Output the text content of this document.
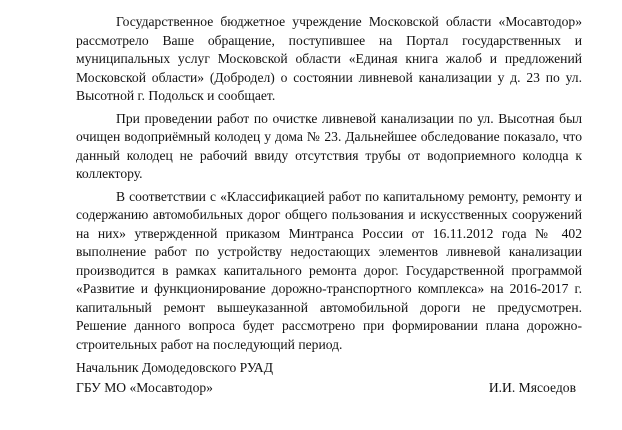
Государственное бюджетное учреждение Московской области «Мосавтодор» рассмотрело Ваше обращение, поступившее на Портал государственных и муниципальных услуг Московской области «Единая книга жалоб и предложений Московской области» (Добродел) о состоянии ливневой канализации у д. 23 по ул. Высотной г. Подольск и сообщает.

При проведении работ по очистке ливневой канализации по ул. Высотная был очищен водоприёмный колодец у дома № 23. Дальнейшее обследование показало, что данный колодец не рабочий ввиду отсутствия трубы от водоприемного колодца к коллектору.

В соответствии с «Классификацией работ по капитальному ремонту, ремонту и содержанию автомобильных дорог общего пользования и искусственных сооружений на них» утвержденной приказом Минтранса России от 16.11.2012 года № 402 выполнение работ по устройству недостающих элементов ливневой канализации производится в рамках капитального ремонта дорог. Государственной программой «Развитие и функционирование дорожно-транспортного комплекса» на 2016-2017 г. капитальный ремонт вышеуказанной автомобильной дороги не предусмотрен. Решение данного вопроса будет рассмотрено при формировании плана дорожно-строительных работ на последующий период.

Начальник Домодедовского РУАД
ГБУ МО «Мосавтодор»	И.И. Мясоедов
